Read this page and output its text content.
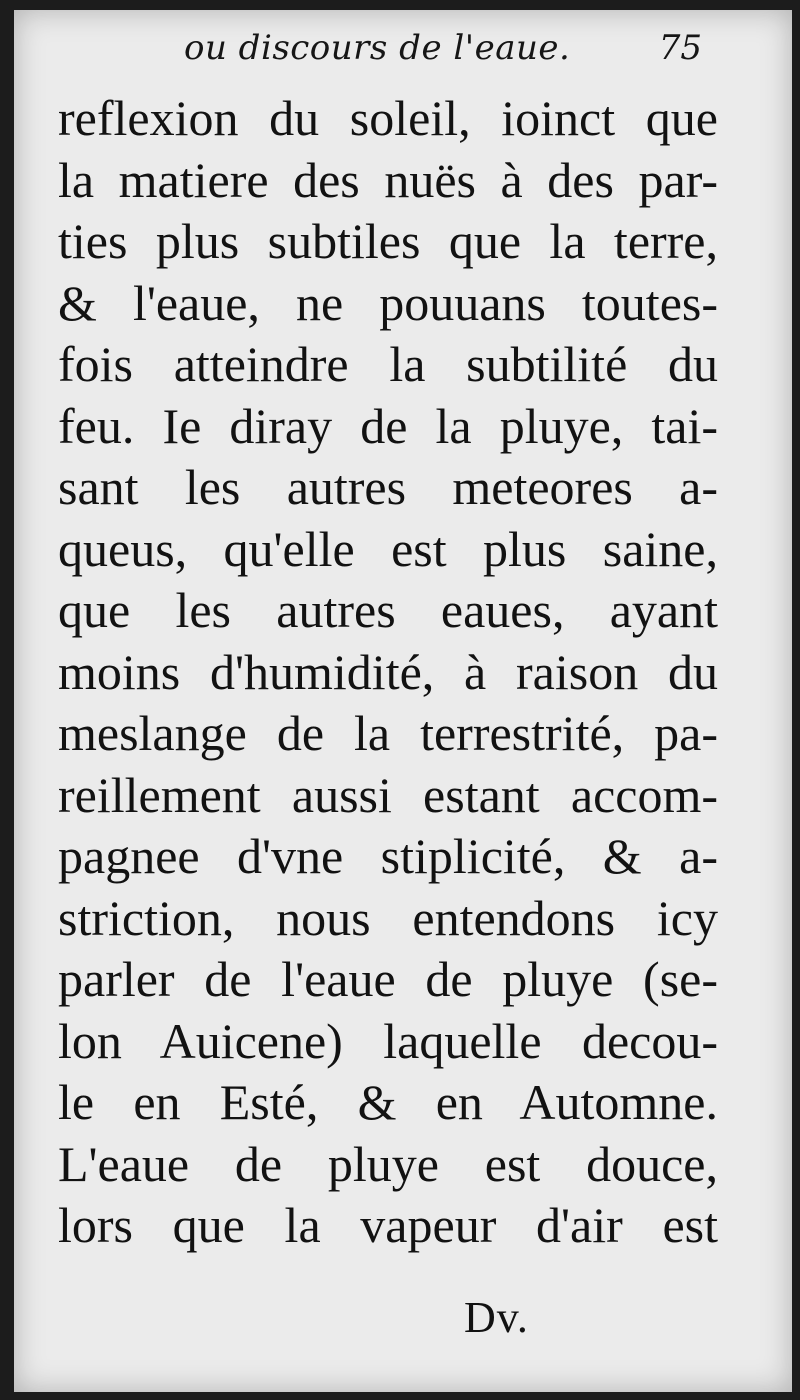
ou discours de l'eaue.	75
reflexion du soleil, ioinct que
la matiere des nuës à des par-
ties plus subtiles que la terre,
& l'eaue, ne pouuans toutes-
fois atteindre la subtilité du
feu. Ie diray de la pluye, tai-
sant les autres meteores a-
queus, qu'elle est plus saine,
que les autres eaues, ayant
moins d'humidité, à raison du
meslange de la terrestrité, pa-
reillement aussi estant accom-
pagnee d'vne stiplicité, & a-
striction, nous entendons icy
parler de l'eaue de pluye (se-
lon Auicene) laquelle decou-
le en Esté, & en Automne.
L'eaue de pluye est douce,
lors que la vapeur d'air est
Dv.
